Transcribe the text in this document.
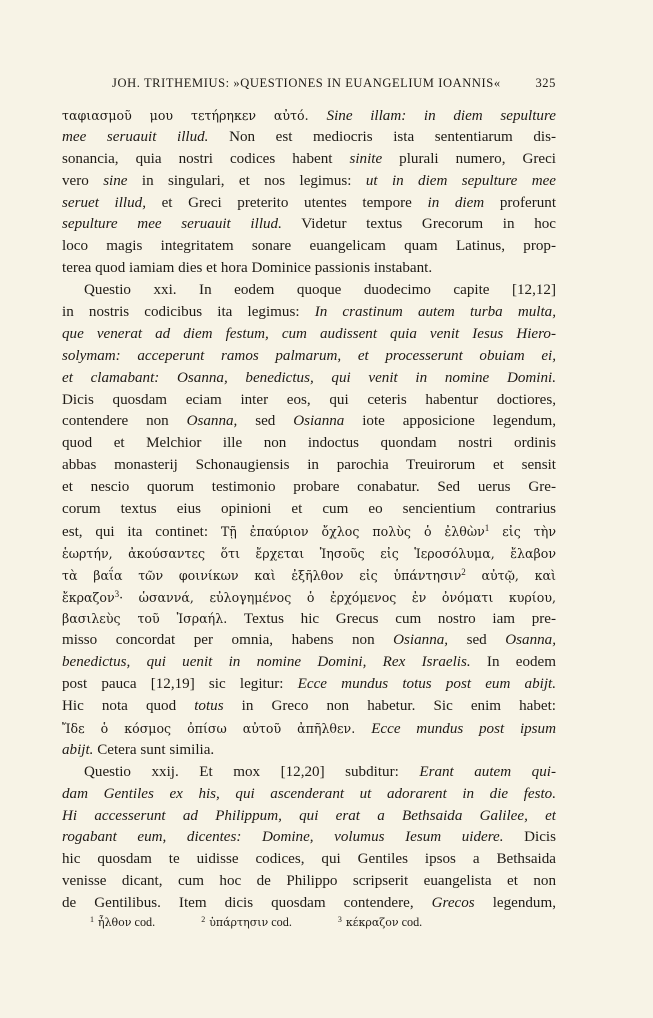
JOH. TRITHEMIUS: »QUESTIONES IN EUANGELIUM IOANNIS«	325
ταφιασμοῦ μου τετήρηκεν αὐτό. Sine illam: in diem sepulture
mee seruauit illud. Non est mediocris ista sententiarum dis-
sonancia, quia nostri codices habent sinite plurali numero, Greci
vero sine in singulari, et nos legimus: ut in diem sepulture mee
seruet illud, et Greci preterito utentes tempore in diem proferunt
sepulture mee seruauit illud. Videtur textus Grecorum in hoc
loco magis integritatem sonare euangelicam quam Latinus, prop-
terea quod iamiam dies et hora Dominice passionis instabant.
Questio xxi. In eodem quoque duodecimo capite [12,12]
in nostris codicibus ita legimus: In crastinum autem turba multa,
que venerat ad diem festum, cum audissent quia venit Iesus Hiero-
solymam: acceperunt ramos palmarum, et processerunt obuiam ei,
et clamabant: Osanna, benedictus, qui venit in nomine Domini.
Dicis quosdam eciam inter eos, qui ceteris habentur doctiores,
contendere non Osanna, sed Osianna iote apposicione legendum,
quod et Melchior ille non indoctus quondam nostri ordinis
abbas monasterij Schonaugiensis in parochia Treuirorum et sensit
et nescio quorum testimonio probare conabatur. Sed uerus Gre-
corum textus eius opinioni et cum eo sencientium contrarius
est, qui ita continet: Τῇ ἐπαύριον ὄχλος πολὺς ὁ ἐλθὼν$^1$ εἰς τὴν
ἑωρτήν, ἀκούσαντες ὅτι ἔρχεται Ἰησοῦς εἰς Ἱεροσόλυμα, ἔλαβον
τὰ βαΐα τῶν φοινίκων καὶ ἐξῆλθον εἰς ὑπάντησιν$^2$ αὐτῷ, καὶ
ἔκραζον$^3$· ὡσαννά, εὐλογημένος ὁ ἐρχόμενος ἐν ὀνόματι κυρίου,
βασιλεὺς τοῦ Ἰσραήλ. Textus hic Grecus cum nostro iam pre-
misso concordat per omnia, habens non Osianna, sed Osanna,
benedictus, qui uenit in nomine Domini, Rex Israelis. In eodem
post pauca [12,19] sic legitur: Ecce mundus totus post eum abijt.
Hic nota quod totus in Greco non habetur. Sic enim habet:
Ἴδε ὁ κόσμος ὀπίσω αὐτοῦ ἀπῆλθεν. Ecce mundus post ipsum
abijt. Cetera sunt similia.
Questio xxij. Et mox [12,20] subditur: Erant autem qui-
dam Gentiles ex his, qui ascenderant ut adorarent in die festo.
Hi accesserunt ad Philippum, qui erat a Bethsaida Galilee, et
rogabant eum, dicentes: Domine, volumus Iesum uidere. Dicis
hic quosdam te uidisse codices, qui Gentiles ipsos a Bethsaida
venisse dicant, cum hoc de Philippo scripserit euangelista et non
de Gentilibus. Item dicis quosdam contendere, Grecos legendum,
$^1$ ἦλθον cod.	$^2$ ὑπάρτησιν cod.	$^3$ κέκραζον cod.
